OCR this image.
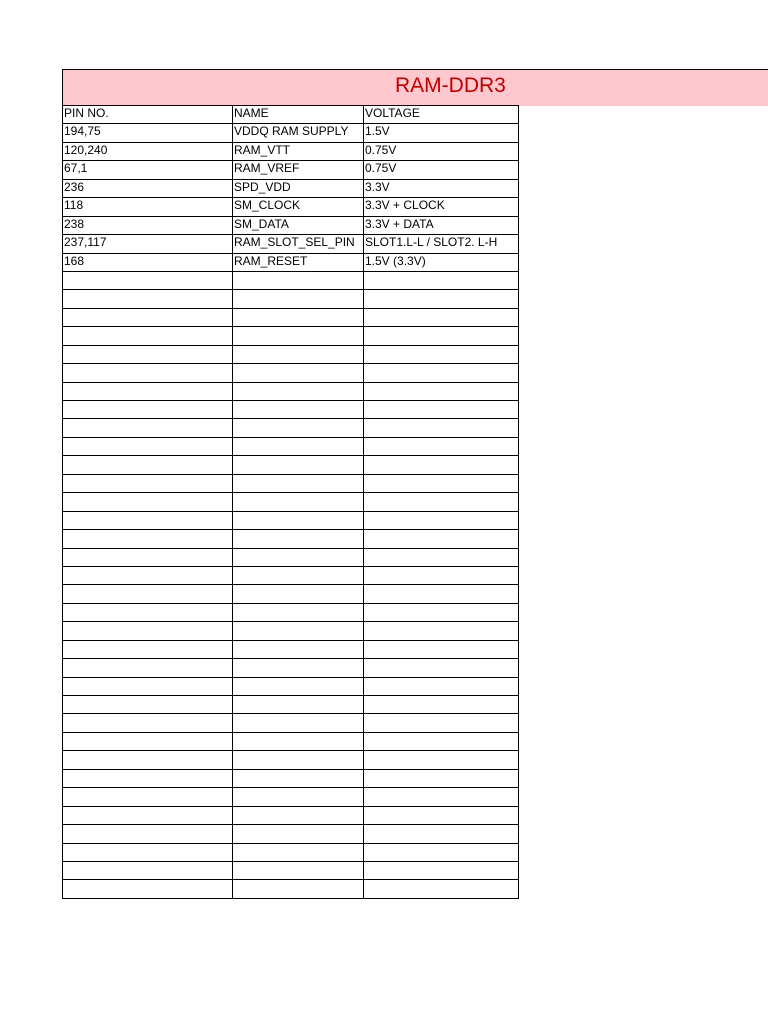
RAM-DDR3
PIN NO.	NAME	VOLTAGE
194,75	VDDQ RAM SUPPLY	1.5V
120,240	RAM_VTT	0.75V
67,1	RAM_VREF	0.75V
236	SPD_VDD	3.3V
118	SM_CLOCK	3.3V + CLOCK
238	SM_DATA	3.3V + DATA
237,117	RAM_SLOT_SEL_PIN	SLOT1.L-L / SLOT2. L-H
168	RAM_RESET	1.5V (3.3V)
